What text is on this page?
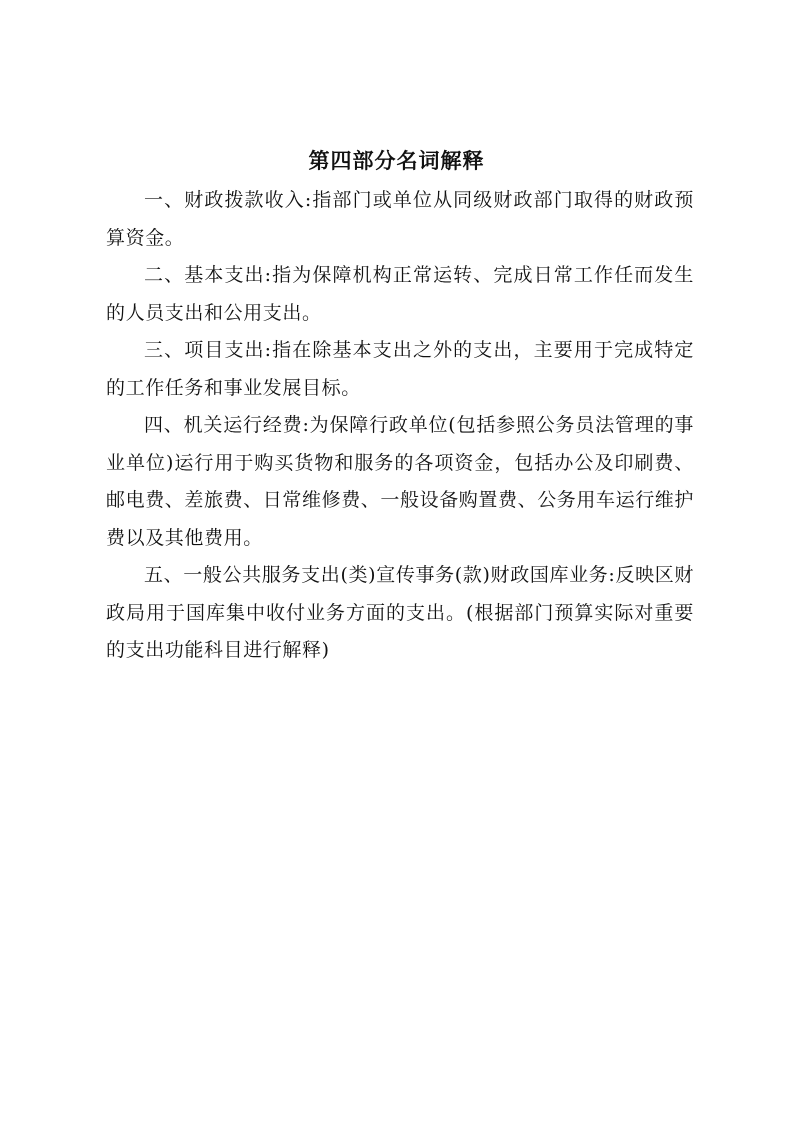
第四部分名词解释

一、财政拨款收入:指部门或单位从同级财政部门取得的财政预算资金。

二、基本支出:指为保障机构正常运转、完成日常工作任而发生的人员支出和公用支出。

三、项目支出:指在除基本支出之外的支出，主要用于完成特定的工作任务和事业发展目标。

四、机关运行经费:为保障行政单位(包括参照公务员法管理的事业单位)运行用于购买货物和服务的各项资金，包括办公及印刷费、邮电费、差旅费、日常维修费、一般设备购置费、公务用车运行维护费以及其他费用。

五、一般公共服务支出(类)宣传事务(款)财政国库业务:反映区财政局用于国库集中收付业务方面的支出。(根据部门预算实际对重要的支出功能科目进行解释)
